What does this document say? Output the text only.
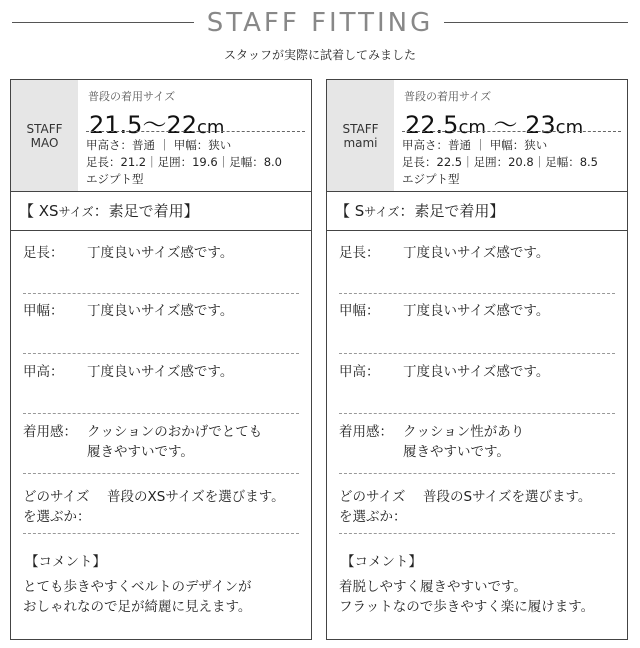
STAFF FITTING
スタッフが実際に試着してみました
STAFF
MAO
普段の着用サイズ
21.5～22cm
甲高さ：普通 ｜ 甲幅：狭い
足長：21.2｜足囲：19.6｜足幅：8.0
エジプト型
【 XSサイズ：素足で着用】
足長： 丁度良いサイズ感です。
甲幅： 丁度良いサイズ感です。
甲高： 丁度良いサイズ感です。
着用感： クッションのおかげでとても
履きやすいです。
どのサイズ
を選ぶか：
普段のXSサイズを選びます。
【コメント】
とても歩きやすくベルトのデザインが
おしゃれなので足が綺麗に見えます。
STAFF
mami
普段の着用サイズ
22.5cm ～ 23cm
甲高さ：普通 ｜ 甲幅：狭い
足長：22.5｜足囲：20.8｜足幅：8.5
エジプト型
【 Sサイズ：素足で着用】
足長： 丁度良いサイズ感です。
甲幅： 丁度良いサイズ感です。
甲高： 丁度良いサイズ感です。
着用感： クッション性があり
履きやすいです。
どのサイズ
を選ぶか：
普段のSサイズを選びます。
【コメント】
着脱しやすく履きやすいです。
フラットなので歩きやすく楽に履けます。
